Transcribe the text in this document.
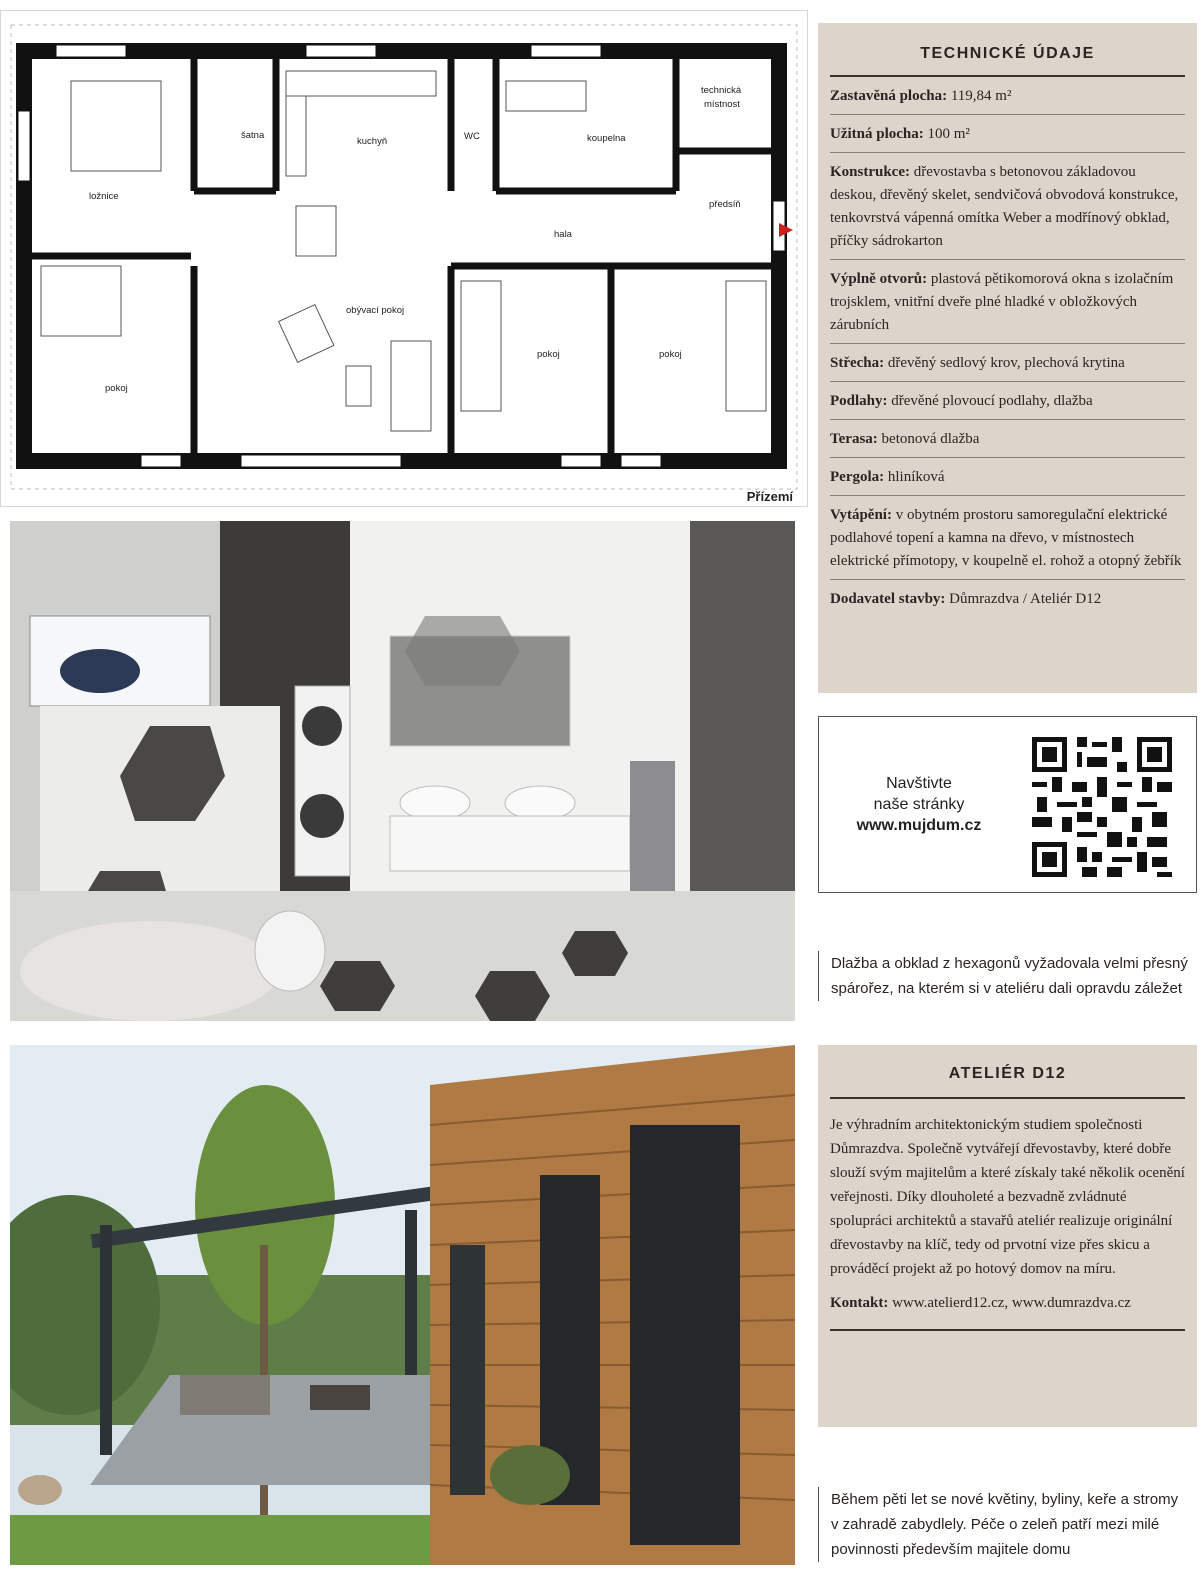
ložnice
šatna
kuchyň	WC	koupelna
technická
místnost
předsíň
hala
obývací pokoj
pokoj
pokoj	pokoj
Přízemí
TECHNICKÉ ÚDAJE
Zastavěná plocha: 119,84 m²
Užitná plocha: 100 m²
Konstrukce: dřevostavba s betonovou základovou deskou, dřevěný skelet, sendvičová obvodová konstrukce, tenkovrstvá vápenná omítka Weber a modřínový obklad, příčky sádrokarton
Výplně otvorů: plastová pětikomorová okna s izolačním trojsklem, vnitřní dveře plné hladké v obložkových zárubních
Střecha: dřevěný sedlový krov, plechová krytina
Podlahy: dřevěné plovoucí podlahy, dlažba
Terasa: betonová dlažba
Pergola: hliníková
Vytápění: v obytném prostoru samoregulační elektrické podlahové topení a kamna na dřevo, v místnostech elektrické přímotopy, v koupelně el. rohož a otopný žebřík
Dodavatel stavby: Důmrazdva / Ateliér D12
Navštivte
naše stránky
www.mujdum.cz
Dlažba a obklad z hexagonů vyžadovala velmi přesný spárořez, na kterém si v ateliéru dali opravdu záležet
ATELIÉR D12
Je výhradním architektonickým studiem společnosti Důmrazdva. Společně vytvářejí dřevostavby, které dobře slouží svým majitelům a které získaly také několik ocenění veřejnosti. Díky dlouholeté a bezvadně zvládnuté spolupráci architektů a stavařů ateliér realizuje originální dřevostavby na klíč, tedy od prvotní vize přes skicu a prováděcí projekt až po hotový domov na míru.
Kontakt: www.atelierd12.cz, www.dumrazdva.cz
Během pěti let se nové květiny, byliny, keře a stromy v zahradě zabydlely. Péče o zeleň patří mezi milé povinnosti především majitele domu
